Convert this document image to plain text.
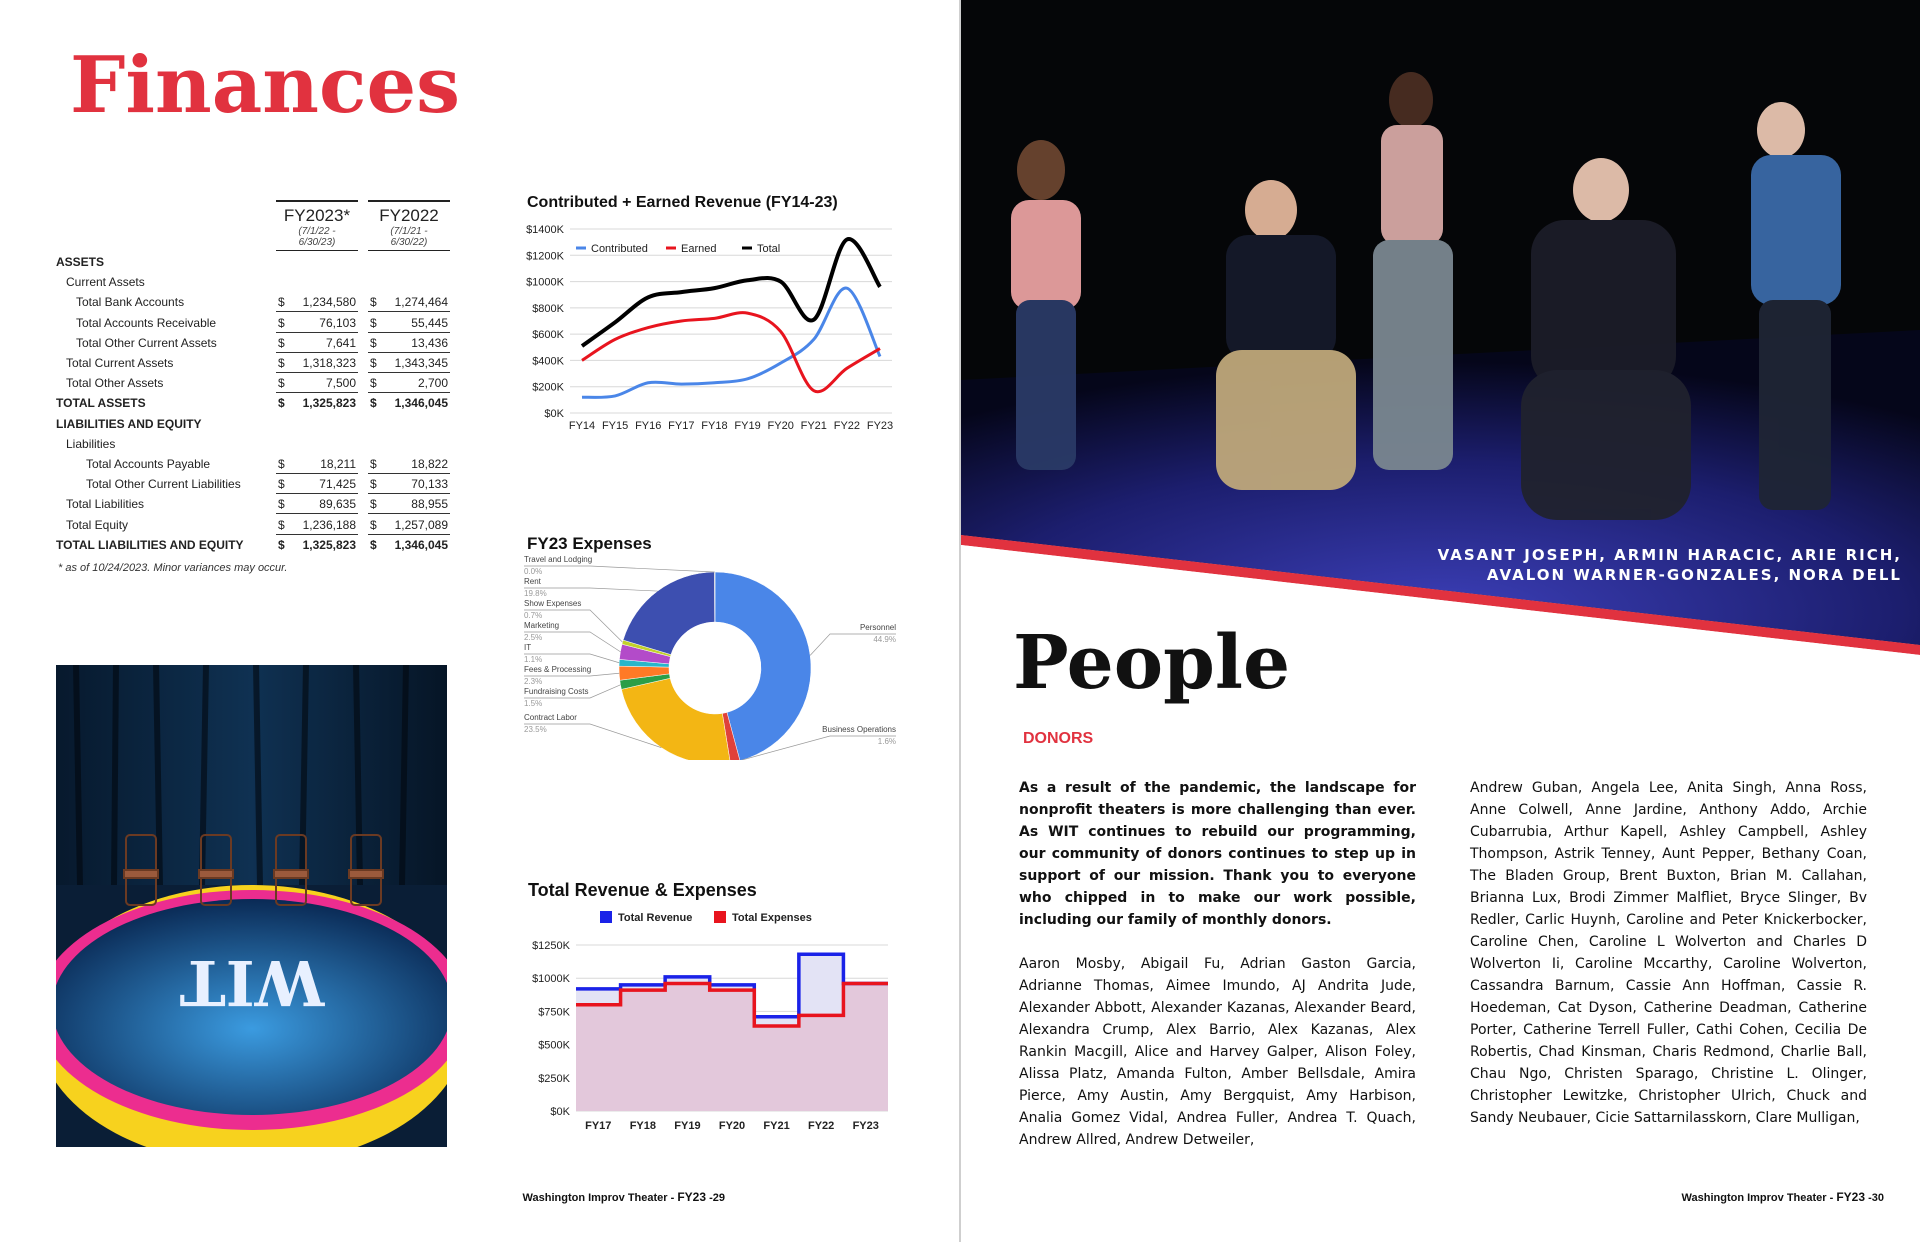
Finances
FY2023*
(7/1/22 -
6/30/23)
FY2022
(7/1/21 -
6/30/22)
* as of 10/24/2023. Minor variances may occur.
ASSETS
Current Assets
Total Bank Accounts	$ 1,234,580 $ 1,274,464
Total Accounts Receivable	$	76,103 $	55,445
Total Other Current Assets	$	7,641 $	13,436
Total Current Assets	$ 1,318,323 $ 1,343,345
Total Other Assets	$	7,500 $	2,700
TOTAL ASSETS	$ 1,325,823 $ 1,346,045
LIABILITIES AND EQUITY
Liabilities
Total Accounts Payable	$	18,211 $	18,822
Total Other Current Liabilities	$	71,425 $	70,133
Total Liabilities	$	89,635 $	88,955
Total Equity	$ 1,236,188 $ 1,257,089
TOTAL LIABILITIES AND EQUITY	$ 1,325,823 $ 1,346,045
Contributed + Earned Revenue (FY14-23)
$0K
$200K
$400K
$600K
$800K
$1000K
$1200K
$1400K
FY14 FY15 FY16 FY17 FY18 FY19 FY20 FY21 FY22 FY23
Contributed	Earned	Total
FY23 Expenses
Travel and Lodging
0.0%
Rent
19.8%
Show Expenses
0.7%
Marketing
2.5%
IT
1.1%
Fees & Processing
2.3%
Fundraising Costs
1.5%
Contract Labor
23.5%
Personnel
44.9%
Business Operations
1.6%
Total Revenue & Expenses
$0K
$250K
$500K
$750K
$1000K
$1250K
FY17 FY18 FY19 FY20 FY21 FY22 FY23
Total Revenue	Total Expenses
WIT
Washington Improv Theater - FY23 -29
VASANT JOSEPH, ARMIN HARACIC, ARIE RICH,
AVALON WARNER-GONZALES, NORA DELL
People
DONORS

As a result of the pandemic, the landscape for nonprofit theaters is more challenging than ever. As WIT continues to rebuild our programming, our community of donors continues to step up in support of our mission. Thank you to everyone who chipped in to make our work possible, including our family of monthly donors.

Aaron Mosby, Abigail Fu, Adrian Gaston Garcia, Adrianne Thomas, Aimee Imundo, AJ Andrita Jude, Alexander Abbott, Alexander Kazanas, Alexander Beard, Alexandra Crump, Alex Barrio, Alex Kazanas, Alex Rankin Macgill, Alice and Harvey Galper, Alison Foley, Alissa Platz, Amanda Fulton, Amber Bellsdale, Amira Pierce, Amy Austin, Amy Bergquist, Amy Harbison, Analia Gomez Vidal, Andrea Fuller, Andrea T. Quach, Andrew Allred, Andrew Detweiler,

Andrew Guban, Angela Lee, Anita Singh, Anna Ross, Anne Colwell, Anne Jardine, Anthony Addo, Archie Cubarrubia, Arthur Kapell, Ashley Campbell, Ashley Thompson, Astrik Tenney, Aunt Pepper, Bethany Coan, The Bladen Group, Brent Buxton, Brian M. Callahan, Brianna Lux, Brodi Zimmer Malfliet, Bryce Slinger, Bv Redler, Carlic Huynh, Caroline and Peter Knickerbocker, Caroline Chen, Caroline L Wolverton and Charles D Wolverton Ii, Caroline Mccarthy, Caroline Wolverton, Cassandra Barnum, Cassie Ann Hoffman, Cassie R. Hoedeman, Cat Dyson, Catherine Deadman, Catherine Porter, Catherine Terrell Fuller, Cathi Cohen, Cecilia De Robertis, Chad Kinsman, Charis Redmond, Charlie Ball, Chau Ngo, Christen Sparago, Christine L. Olinger, Christopher Lewitzke, Christopher Ulrich, Chuck and Sandy Neubauer, Cicie Sattarnilasskorn, Clare Mulligan,

Washington Improv Theater - FY23 -30
